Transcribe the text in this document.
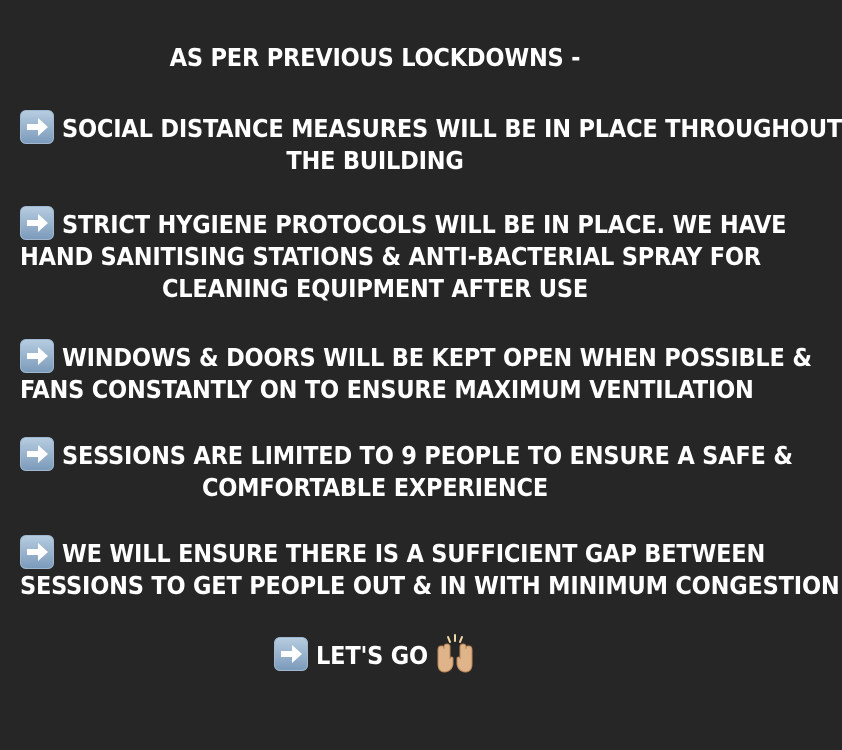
AS PER PREVIOUS LOCKDOWNS -
SOCIAL DISTANCE MEASURES WILL BE IN PLACE THROUGHOUT
THE BUILDING
STRICT HYGIENE PROTOCOLS WILL BE IN PLACE. WE HAVE
HAND SANITISING STATIONS & ANTI-BACTERIAL SPRAY FOR
CLEANING EQUIPMENT AFTER USE
WINDOWS & DOORS WILL BE KEPT OPEN WHEN POSSIBLE &
FANS CONSTANTLY ON TO ENSURE MAXIMUM VENTILATION
SESSIONS ARE LIMITED TO 9 PEOPLE TO ENSURE A SAFE &
COMFORTABLE EXPERIENCE
WE WILL ENSURE THERE IS A SUFFICIENT GAP BETWEEN
SESSIONS TO GET PEOPLE OUT & IN WITH MINIMUM CONGESTION
LET'S GO
